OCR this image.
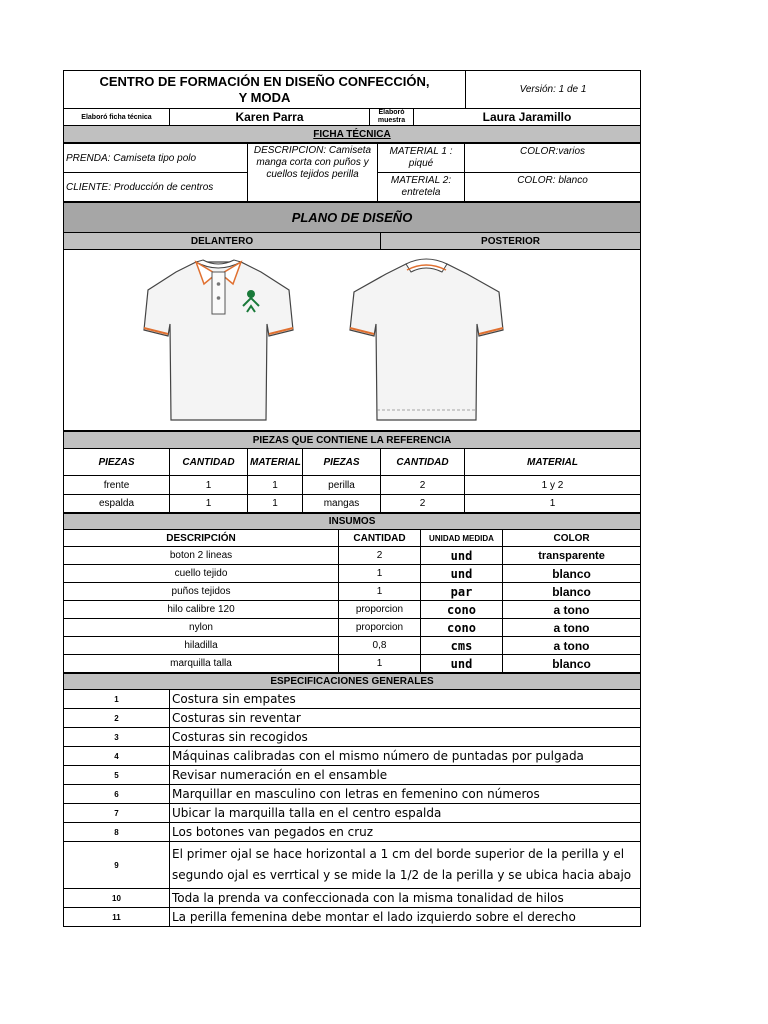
CENTRO DE FORMACIÓN EN DISEÑO CONFECCIÓN,
Y MODA				Versión: 1 de 1
Elaboró ficha técnica	Karen Parra	Elaboró muestra	Laura Jaramillo	
FICHA TÉCNICA				
PRENDA: Camiseta tipo polo	DESCRIPCION: Camiseta manga corta con puños y cuellos tejidos perilla	MATERIAL 1 : piqué	COLOR:varios
CLIENTE: Producción de centros		MATERIAL 2: entretela	COLOR: blanco
PLANO DE DISEÑO
DELANTERO	POSTERIOR

PIEZAS QUE CONTIENE LA REFERENCIA					
PIEZAS	CANTIDAD	MATERIAL	PIEZAS	CANTIDAD	MATERIAL
frente	1	1	perilla	2	1 y 2
espalda	1	1	mangas	2	1
INSUMOS			
DESCRIPCIÓN	CANTIDAD	UNIDAD MEDIDA	COLOR
boton 2 lineas	2	und	transparente
cuello tejido	1	und	blanco
puños tejidos	1	par	blanco
hilo calibre 120	proporcion	cono	a tono
nylon	proporcion	cono	a tono
hiladilla	0,8	cms	a tono
marquilla talla	1	und	blanco
ESPECIFICACIONES GENERALES	
1	Costura sin empates
2	Costuras sin reventar
3	Costuras sin recogidos
4	Máquinas calibradas con el mismo número de puntadas por pulgada
5	Revisar numeración en el ensamble
6	Marquillar en masculino con letras en femenino con números
7	Ubicar la marquilla talla en el centro espalda
8	Los botones van pegados en cruz
9	El primer ojal se hace horizontal a 1 cm del borde superior de la perilla y el segundo ojal es verrtical y se mide la 1/2 de la perilla y se ubica hacia abajo
10	Toda la prenda va confeccionada con la misma tonalidad de hilos
11	La perilla femenina debe montar el lado izquierdo sobre el derecho
